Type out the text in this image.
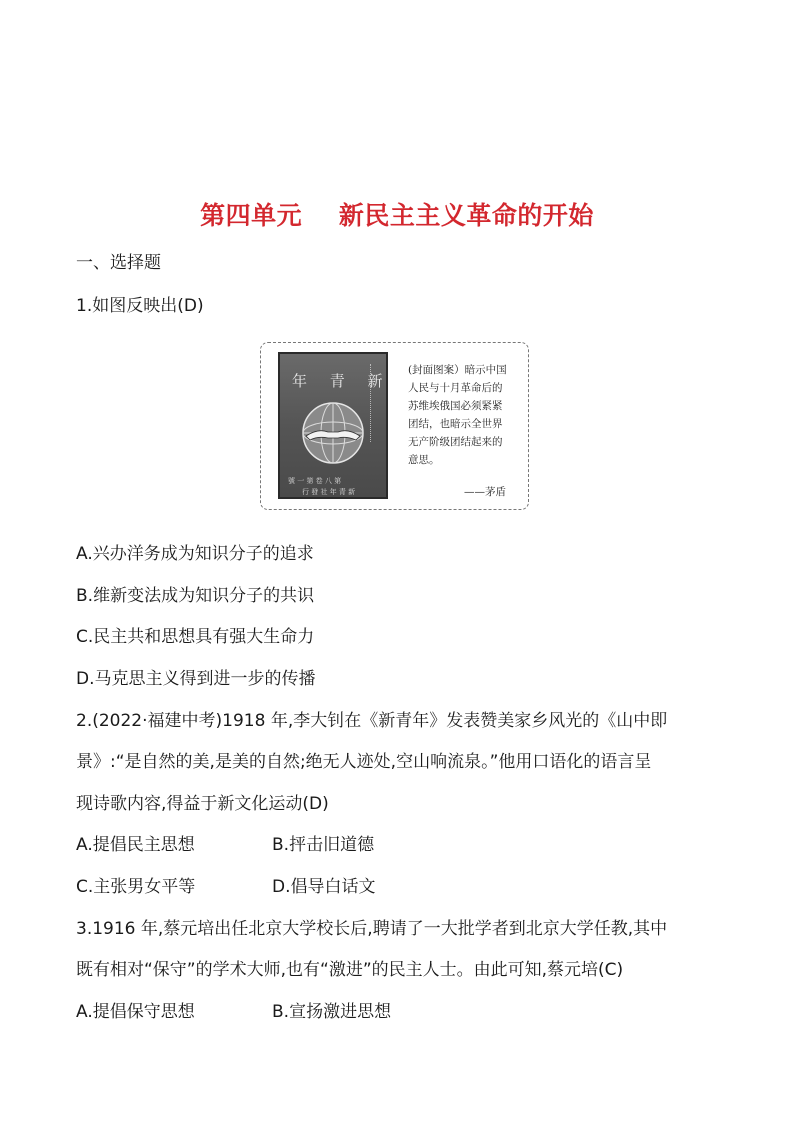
第四单元    新民主主义革命的开始
一、选择题
1.如图反映出(D)
年 青 新
號 一 第 卷 八 第
行 發 社 年 青 新
(封面图案）暗示中国
人民与十月革命后的
苏维埃俄国必须紧紧
团结，也暗示全世界
无产阶级团结起来的
意思。
——茅盾
A.兴办洋务成为知识分子的追求
B.维新变法成为知识分子的共识
C.民主共和思想具有强大生命力
D.马克思主义得到进一步的传播
2.(2022·福建中考)1918 年,李大钊在《新青年》发表赞美家乡风光的《山中即
景》:“是自然的美,是美的自然;绝无人迹处,空山响流泉。”他用口语化的语言呈
现诗歌内容,得益于新文化运动(D)
A.提倡民主思想	B.抨击旧道德
C.主张男女平等	D.倡导白话文
3.1916 年,蔡元培出任北京大学校长后,聘请了一大批学者到北京大学任教,其中
既有相对“保守”的学术大师,也有“激进”的民主人士。由此可知,蔡元培(C)
A.提倡保守思想	B.宣扬激进思想
